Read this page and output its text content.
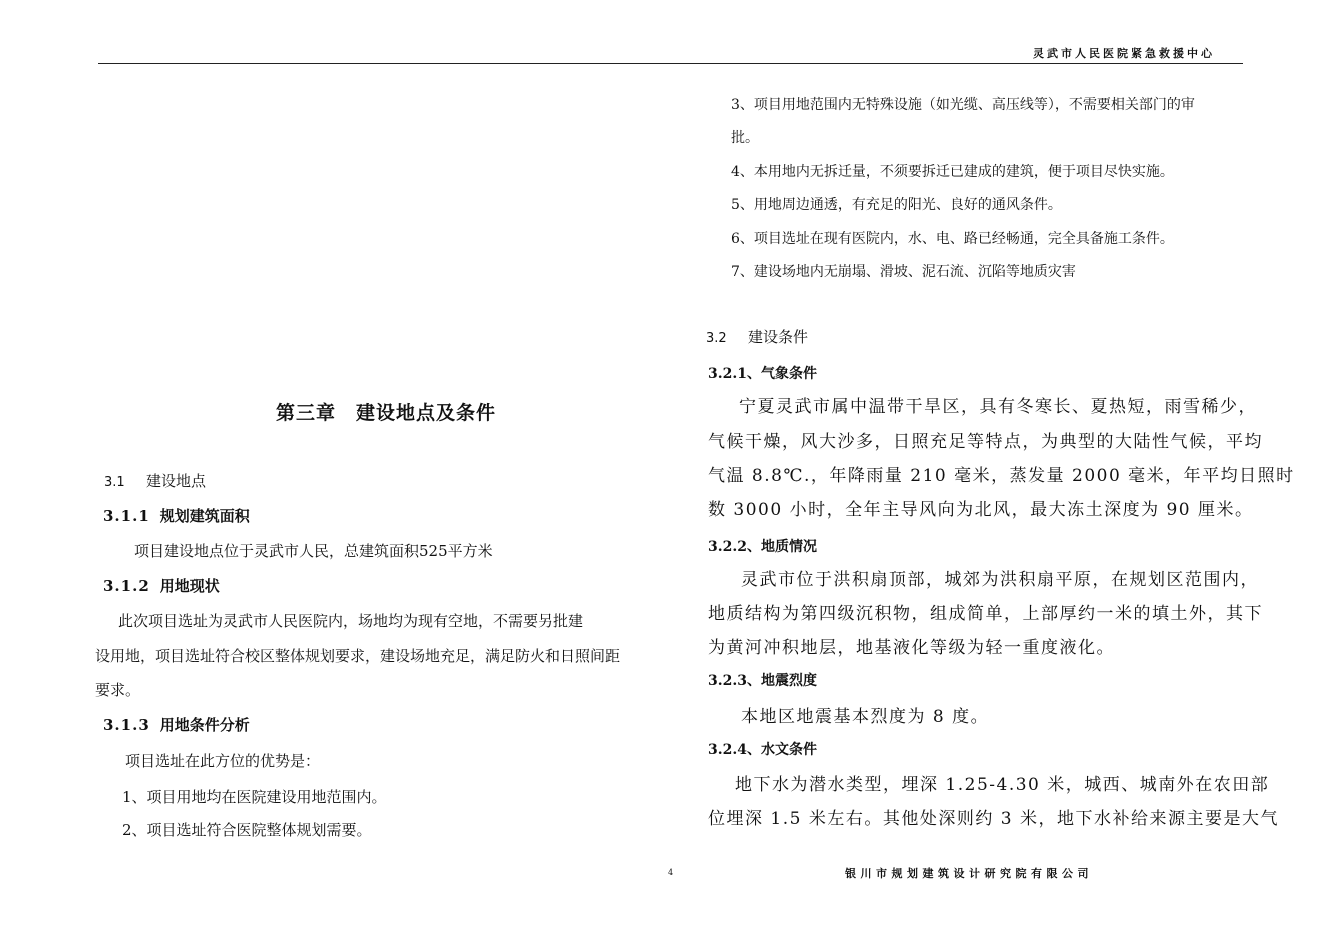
灵武市人民医院紧急救援中心
第三章　建设地点及条件
3.1 建设地点
3.1.1 规划建筑面积
项目建设地点位于灵武市人民，总建筑面积525平方米
3.1.2 用地现状
此次项目选址为灵武市人民医院内，场地均为现有空地，不需要另批建
设用地，项目选址符合校区整体规划要求，建设场地充足，满足防火和日照间距
要求。
3.1.3 用地条件分析
项目选址在此方位的优势是：
1、项目用地均在医院建设用地范围内。
2、项目选址符合医院整体规划需要。
3、项目用地范围内无特殊设施（如光缆、高压线等），不需要相关部门的审
批。
4、本用地内无拆迁量，不须要拆迁已建成的建筑，便于项目尽快实施。
5、用地周边通透，有充足的阳光、良好的通风条件。
6、项目选址在现有医院内，水、电、路已经畅通，完全具备施工条件。
7、建设场地内无崩塌、滑坡、泥石流、沉陷等地质灾害
3.2 建设条件
3.2.1、气象条件
宁夏灵武市属中温带干旱区，具有冬寒长、夏热短，雨雪稀少，
气候干燥，风大沙多，日照充足等特点，为典型的大陆性气候，平均
气温 8.8℃.，年降雨量 210 毫米，蒸发量 2000 毫米，年平均日照时
数 3000 小时，全年主导风向为北风，最大冻土深度为 90 厘米。
3.2.2、地质情况
灵武市位于洪积扇顶部，城郊为洪积扇平原，在规划区范围内，
地质结构为第四级沉积物，组成简单，上部厚约一米的填土外，其下
为黄河冲积地层，地基液化等级为轻一重度液化。
3.2.3、地震烈度
本地区地震基本烈度为 8 度。
3.2.4、水文条件
地下水为潜水类型，埋深 1.25-4.30 米，城西、城南外在农田部
位埋深 1.5 米左右。其他处深则约 3 米，地下水补给来源主要是大气
4	银川市规划建筑设计研究院有限公司
